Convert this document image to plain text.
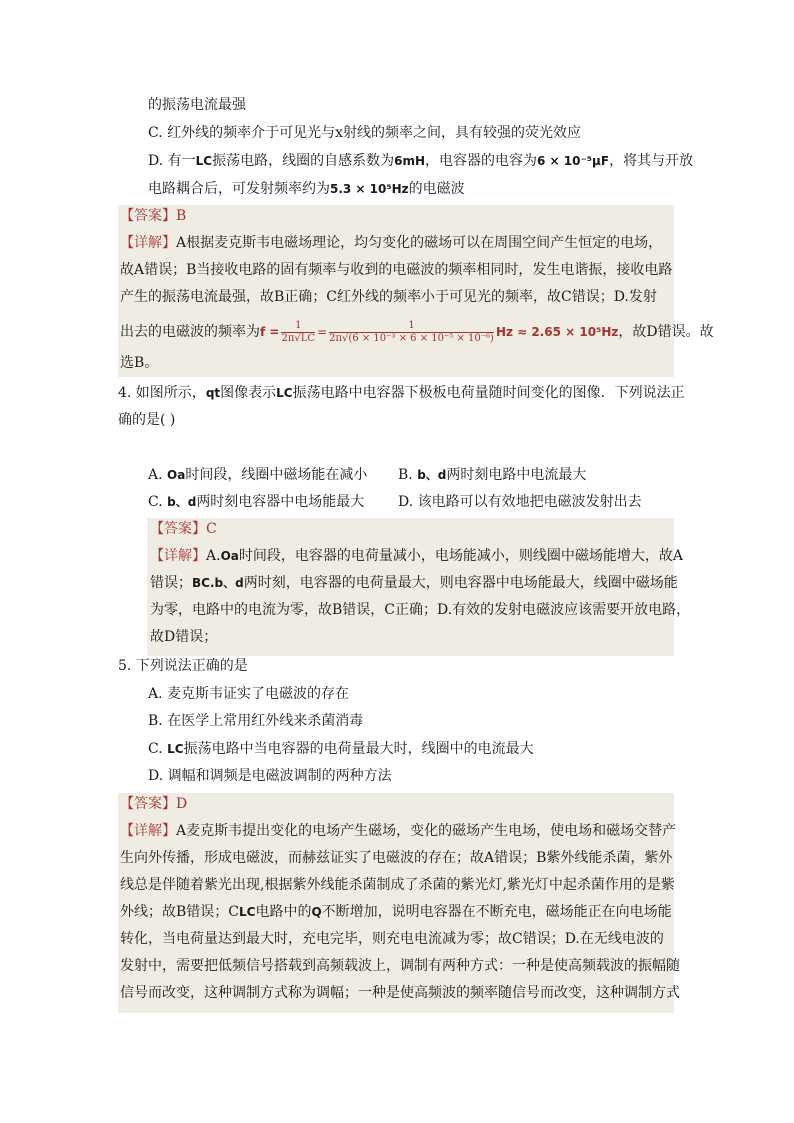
的振荡电流最强
C. 红外线的频率介于可见光与x射线的频率之间，具有较强的荧光效应
D. 有一LC振荡电路，线圈的自感系数为6mH，电容器的电容为6 × 10⁻⁵μF，将其与开放
电路耦合后，可发射频率约为5.3 × 10⁵Hz的电磁波
【答案】B
【详解】A根据麦克斯韦电磁场理论，均匀变化的磁场可以在周围空间产生恒定的电场，
故A错误；B当接收电路的固有频率与收到的电磁波的频率相同时，发生电谐振，接收电路
产生的振荡电流最强，故B正确；C红外线的频率小于可见光的频率，故C错误；D.发射
出去的电磁波的频率为$f = \frac{1}{2\pi√LC} = \frac{1}{\text{2π√(6 × 10⁻³ × 6 × 10⁻⁵ × 10⁻⁶)}}$ Hz ≈ 2.65 × 10⁵Hz，故D错误。故
选B。
4. 如图所示，qt图像表示LC振荡电路中电容器下极板电荷量随时间变化的图像．下列说法正
确的是( )
A. Oa时间段，线圈中磁场能在减小 B. b、d两时刻电路中电流最大
C. b、d两时刻电容器中电场能最大 D. 该电路可以有效地把电磁波发射出去
【答案】C
【详解】A.Oa时间段，电容器的电荷量减小，电场能减小，则线圈中磁场能增大，故A
错误；BC.b、d两时刻，电容器的电荷量最大，则电容器中电场能最大，线圈中磁场能
为零，电路中的电流为零，故B错误，C正确；D.有效的发射电磁波应该需要开放电路，
故D错误；
5. 下列说法正确的是
A. 麦克斯韦证实了电磁波的存在
B. 在医学上常用红外线来杀菌消毒
C. LC振荡电路中当电容器的电荷量最大时，线圈中的电流最大
D. 调幅和调频是电磁波调制的两种方法
【答案】D
【详解】A麦克斯韦提出变化的电场产生磁场，变化的磁场产生电场，使电场和磁场交替产
生向外传播，形成电磁波，而赫兹证实了电磁波的存在；故A错误；B紫外线能杀菌，紫外
线总是伴随着紫光出现,根据紫外线能杀菌制成了杀菌的紫光灯,紫光灯中起杀菌作用的是紫
外线；故B错误；CLC电路中的Q不断增加，说明电容器在不断充电，磁场能正在向电场能
转化，当电荷量达到最大时，充电完毕，则充电电流减为零；故C错误；D.在无线电波的
发射中，需要把低频信号搭载到高频载波上，调制有两种方式：一种是使高频载波的振幅随
信号而改变，这种调制方式称为调幅；一种是使高频波的频率随信号而改变，这种调制方式
